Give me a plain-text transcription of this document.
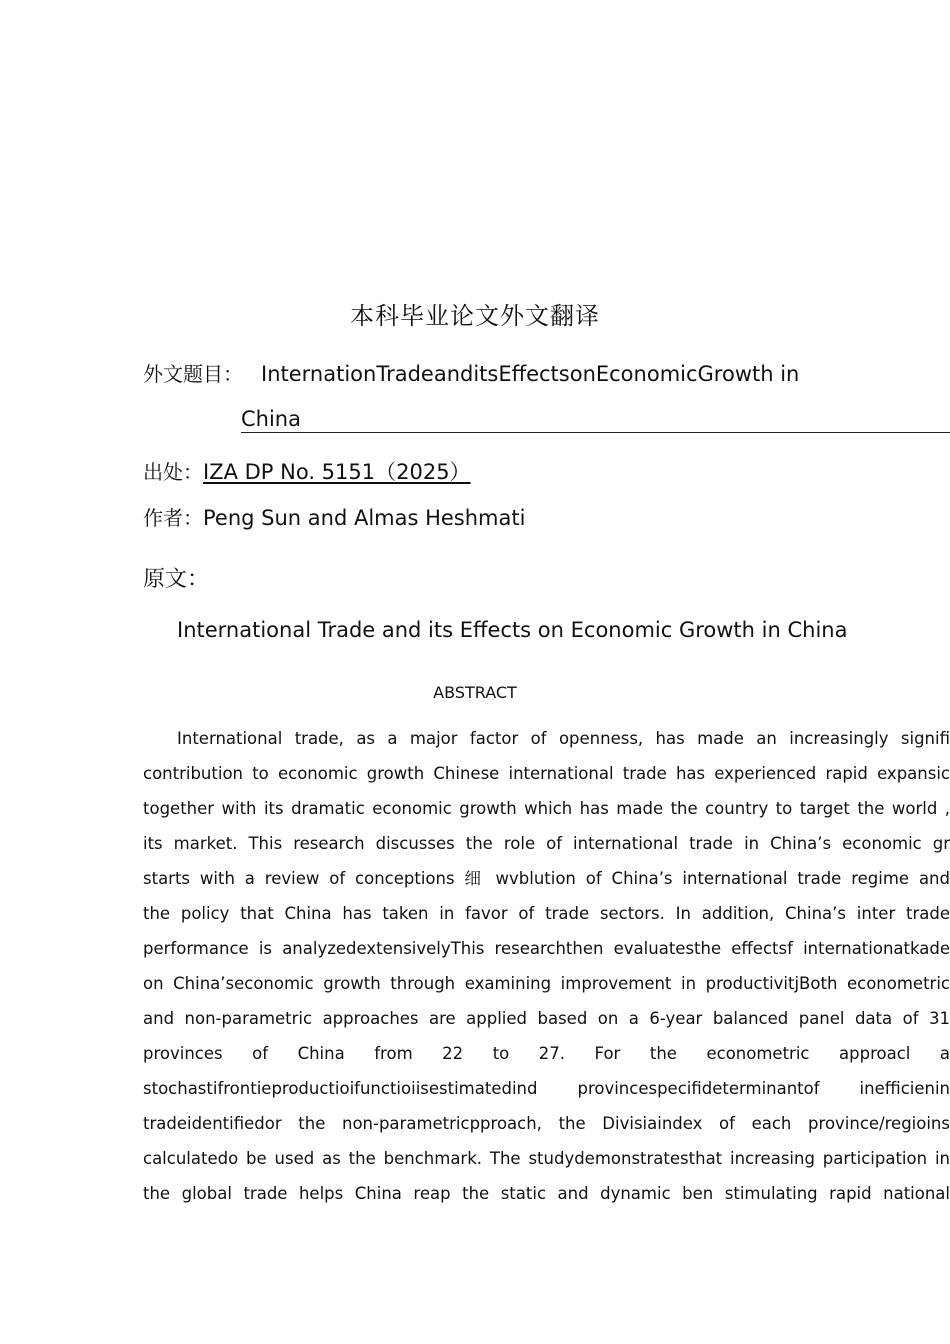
本科毕业论文外文翻译
外文题目： InternationTradeanditsEffectsonEconomicGrowth in
China
出处：IZA DP No. 5151（2025）
作者：Peng Sun and Almas Heshmati
原文：
International Trade and its Effects on Economic Growth in China
ABSTRACT
International trade, as a major factor of openness, has made an increasingly signifi
contribution to economic growth Chinese international trade has experienced rapid expansic
together with its dramatic economic growth which has made the country to target the world ,
its market. This research discusses the role of international trade in China’s economic gr
starts with a review of conceptions 细 wvblution of China’s international trade regime and
the policy that China has taken in favor of trade sectors. In addition, China’s inter trade
performance is analyzedextensivelyThis researchthen evaluatesthe effectsf internationatkade
on China’seconomic growth through examining improvement in productivitjBoth econometric
and non-parametric approaches are applied based on a 6-year balanced panel data of 31
provinces of China from 22 to 27. For the econometric approacl a
stochastifrontieproductioifunctioiisestimatedind provincespecifideterminantof inefficienin
tradeidentifiedor the non-parametricpproach, the Divisiaindex of each province/regioins
calculatedo be used as the benchmark. The studydemonstratesthat increasing participation in
the global trade helps China reap the static and dynamic ben stimulating rapid national
